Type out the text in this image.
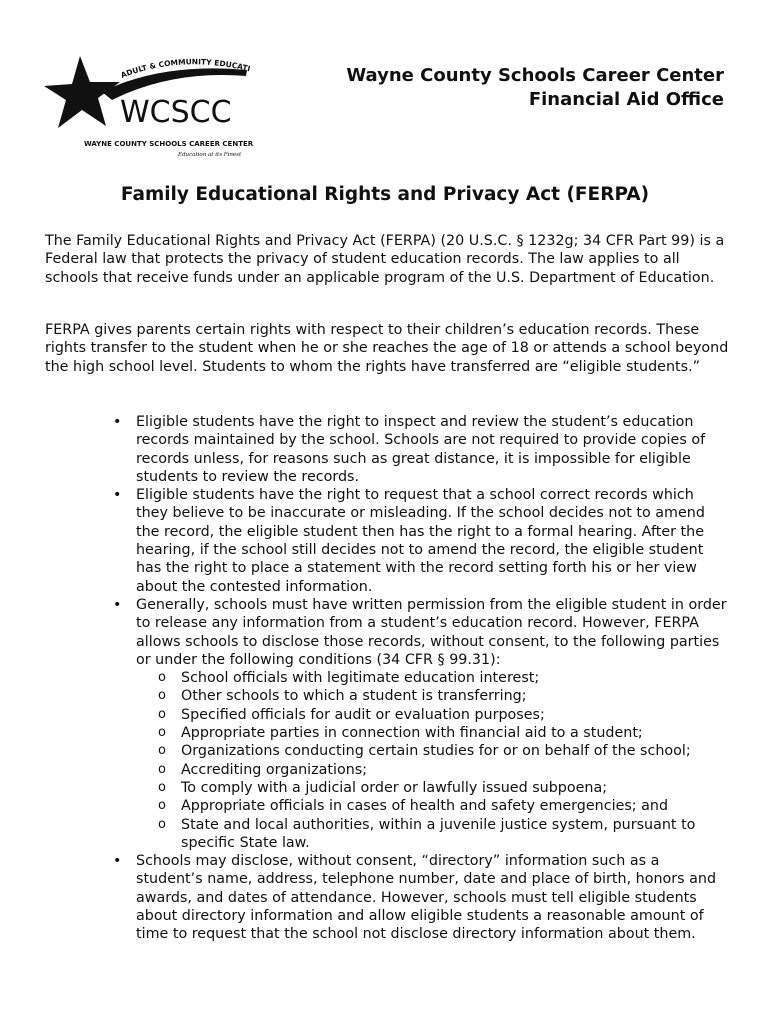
ADULT & COMMUNITY EDUCATI
WCSCC
WAYNE COUNTY SCHOOLS CAREER CENTER
Education at its Finest
Wayne County Schools Career Center
Financial Aid Office
Family Educational Rights and Privacy Act (FERPA)

The Family Educational Rights and Privacy Act (FERPA) (20 U.S.C. § 1232g; 34 CFR Part 99) is a Federal law that protects the privacy of student education records. The law applies to all schools that receive funds under an applicable program of the U.S. Department of Education.

FERPA gives parents certain rights with respect to their children’s education records. These rights transfer to the student when he or she reaches the age of 18 or attends a school beyond the high school level. Students to whom the rights have transferred are “eligible students.”

• Eligible students have the right to inspect and review the student’s education records maintained by the school. Schools are not required to provide copies of records unless, for reasons such as great distance, it is impossible for eligible students to review the records.
• Eligible students have the right to request that a school correct records which they believe to be inaccurate or misleading. If the school decides not to amend the record, the eligible student then has the right to a formal hearing. After the hearing, if the school still decides not to amend the record, the eligible student has the right to place a statement with the record setting forth his or her view about the contested information.
• Generally, schools must have written permission from the eligible student in order to release any information from a student’s education record. However, FERPA allows schools to disclose those records, without consent, to the following parties or under the following conditions (34 CFR § 99.31):
o School officials with legitimate education interest;
o Other schools to which a student is transferring;
o Specified officials for audit or evaluation purposes;
o Appropriate parties in connection with financial aid to a student;
o Organizations conducting certain studies for or on behalf of the school;
o Accrediting organizations;
o To comply with a judicial order or lawfully issued subpoena;
o Appropriate officials in cases of health and safety emergencies; and
o State and local authorities, within a juvenile justice system, pursuant to specific State law.
• Schools may disclose, without consent, “directory” information such as a student’s name, address, telephone number, date and place of birth, honors and awards, and dates of attendance. However, schools must tell eligible students about directory information and allow eligible students a reasonable amount of time to request that the school not disclose directory information about them.
